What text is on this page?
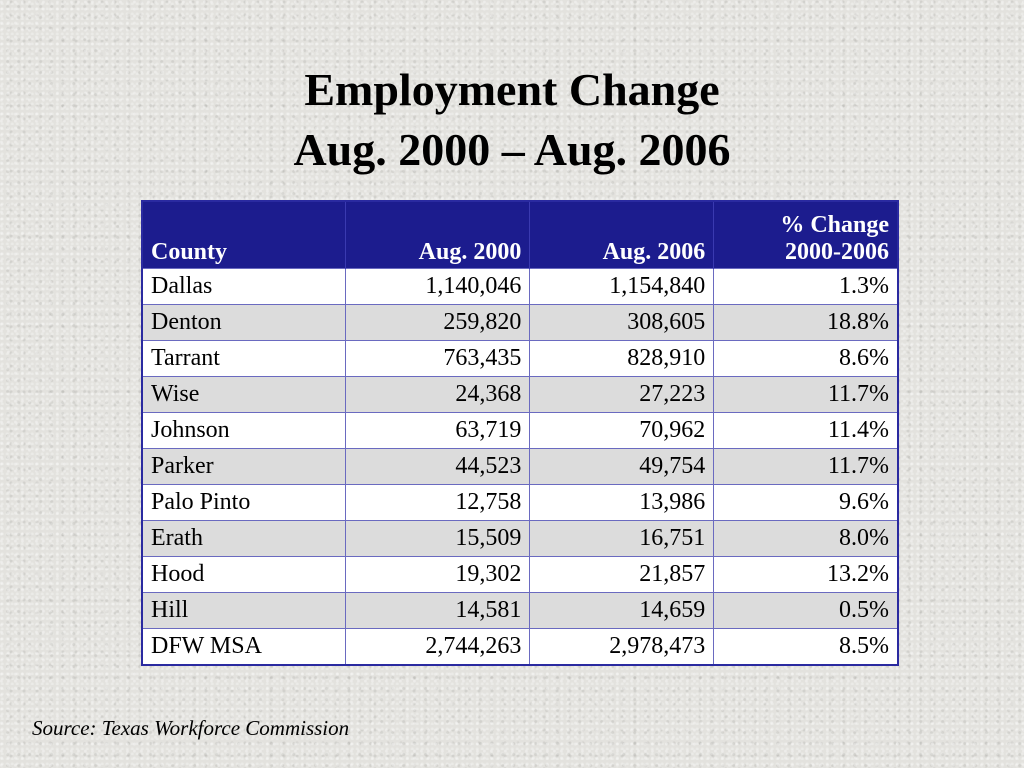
Employment Change
Aug. 2000 – Aug. 2006
County	Aug. 2000	Aug. 2006	% Change
2000-2006

Dallas	1,140,046	1,154,840	1.3%
Denton	259,820	308,605	18.8%
Tarrant	763,435	828,910	8.6%
Wise	24,368	27,223	11.7%
Johnson	63,719	70,962	11.4%
Parker	44,523	49,754	11.7%
Palo Pinto	12,758	13,986	9.6%
Erath	15,509	16,751	8.0%
Hood	19,302	21,857	13.2%
Hill	14,581	14,659	0.5%
DFW MSA	2,744,263	2,978,473	8.5%
Source: Texas Workforce Commission
